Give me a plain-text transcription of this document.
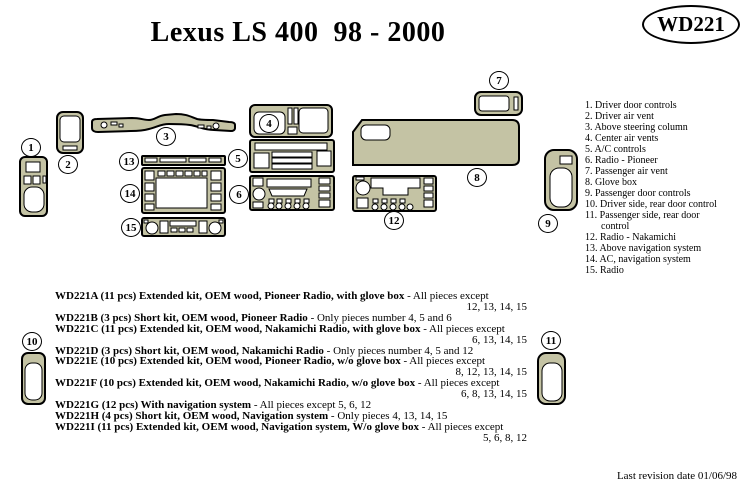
Lexus LS 400  98 - 2000	WD221
1
2
3
4
5
6
7
8
9
10	11
12
13
14
15
1. Driver door controls
2. Driver air vent
3. Above steering column
4. Center air vents
5. A/C controls
6. Radio - Pioneer
7. Passenger air vent
8. Glove box
9. Passenger door controls
10. Driver side, rear door control
11. Passenger side, rear door
control
12. Radio - Nakamichi
13. Above navigation system
14. AC, navigation system
15. Radio
WD221A (11 pcs) Extended kit, OEM wood, Pioneer Radio, with glove box - All pieces except
12, 13, 14, 15
WD221B (3 pcs) Short kit, OEM wood, Pioneer Radio - Only pieces number 4, 5 and 6
WD221C (11 pcs) Extended kit, OEM wood, Nakamichi Radio, with glove box - All pieces except
6, 13, 14, 15
WD221D (3 pcs) Short kit, OEM wood, Nakamichi Radio - Only pieces number 4, 5 and 12
WD221E (10 pcs) Extended kit, OEM wood, Pioneer Radio, w/o glove box - All pieces except
8, 12, 13, 14, 15
WD221F (10 pcs) Extended kit, OEM wood, Nakamichi Radio, w/o glove box - All pieces except
6, 8, 13, 14, 15
WD221G (12 pcs) With navigation system - All pieces except 5, 6, 12
WD221H (4 pcs) Short kit, OEM wood, Navigation system - Only pieces 4, 13, 14, 15
WD221I (11 pcs) Extended kit, OEM wood, Navigation system, W/o glove box - All pieces except
5, 6, 8, 12
Last revision date 01/06/98
